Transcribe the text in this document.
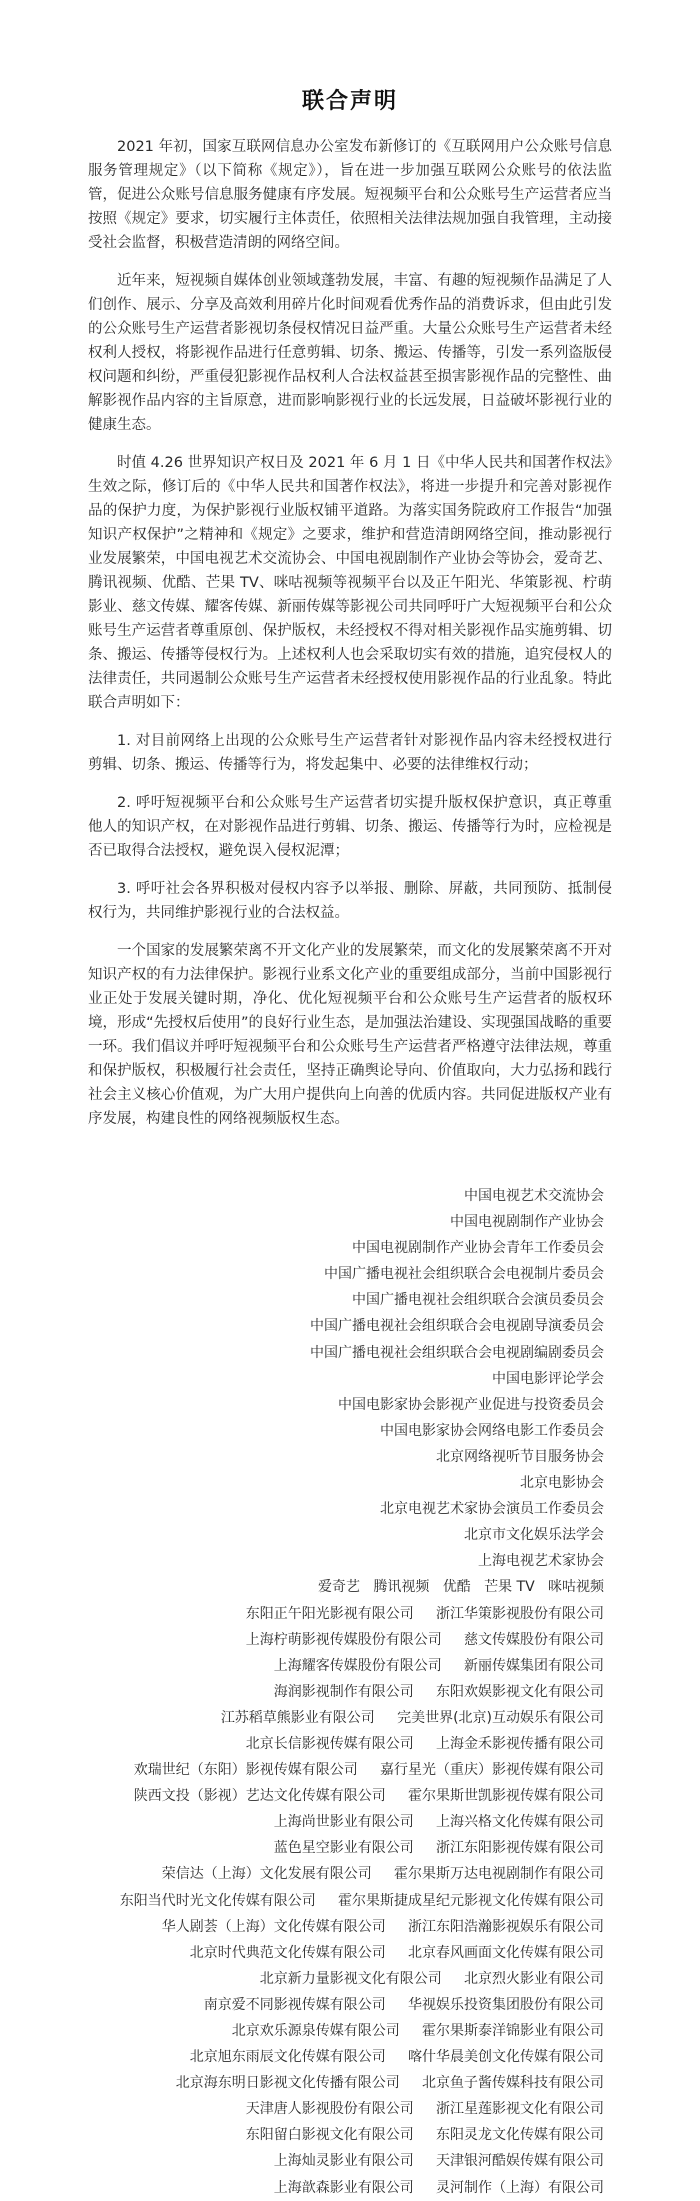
联合声明

2021 年初，国家互联网信息办公室发布新修订的《互联网用户公众账号信息服务管理规定》（以下简称《规定》），旨在进一步加强互联网公众账号的依法监管，促进公众账号信息服务健康有序发展。短视频平台和公众账号生产运营者应当按照《规定》要求，切实履行主体责任，依照相关法律法规加强自我管理，主动接受社会监督，积极营造清朗的网络空间。

近年来，短视频自媒体创业领域蓬勃发展，丰富、有趣的短视频作品满足了人们创作、展示、分享及高效利用碎片化时间观看优秀作品的消费诉求，但由此引发的公众账号生产运营者影视切条侵权情况日益严重。大量公众账号生产运营者未经权利人授权，将影视作品进行任意剪辑、切条、搬运、传播等，引发一系列盗版侵权问题和纠纷，严重侵犯影视作品权利人合法权益甚至损害影视作品的完整性、曲解影视作品内容的主旨原意，进而影响影视行业的长远发展，日益破坏影视行业的健康生态。

时值 4.26 世界知识产权日及 2021 年 6 月 1 日《中华人民共和国著作权法》生效之际，修订后的《中华人民共和国著作权法》，将进一步提升和完善对影视作品的保护力度，为保护影视行业版权铺平道路。为落实国务院政府工作报告“加强知识产权保护”之精神和《规定》之要求，维护和营造清朗网络空间，推动影视行业发展繁荣，中国电视艺术交流协会、中国电视剧制作产业协会等协会，爱奇艺、腾讯视频、优酷、芒果 TV、咪咕视频等视频平台以及正午阳光、华策影视、柠萌影业、慈文传媒、耀客传媒、新丽传媒等影视公司共同呼吁广大短视频平台和公众账号生产运营者尊重原创、保护版权，未经授权不得对相关影视作品实施剪辑、切条、搬运、传播等侵权行为。上述权利人也会采取切实有效的措施，追究侵权人的法律责任，共同遏制公众账号生产运营者未经授权使用影视作品的行业乱象。特此联合声明如下：

1. 对目前网络上出现的公众账号生产运营者针对影视作品内容未经授权进行剪辑、切条、搬运、传播等行为，将发起集中、必要的法律维权行动；

2. 呼吁短视频平台和公众账号生产运营者切实提升版权保护意识，真正尊重他人的知识产权，在对影视作品进行剪辑、切条、搬运、传播等行为时，应检视是否已取得合法授权，避免误入侵权泥潭；

3. 呼吁社会各界积极对侵权内容予以举报、删除、屏蔽，共同预防、抵制侵权行为，共同维护影视行业的合法权益。

一个国家的发展繁荣离不开文化产业的发展繁荣，而文化的发展繁荣离不开对知识产权的有力法律保护。影视行业系文化产业的重要组成部分，当前中国影视行业正处于发展关键时期，净化、优化短视频平台和公众账号生产运营者的版权环境，形成“先授权后使用”的良好行业生态，是加强法治建设、实现强国战略的重要一环。我们倡议并呼吁短视频平台和公众账号生产运营者严格遵守法律法规，尊重和保护版权，积极履行社会责任，坚持正确舆论导向、价值取向，大力弘扬和践行社会主义核心价值观，为广大用户提供向上向善的优质内容。共同促进版权产业有序发展，构建良性的网络视频版权生态。

中国电视艺术交流协会
中国电视剧制作产业协会
中国电视剧制作产业协会青年工作委员会
中国广播电视社会组织联合会电视制片委员会
中国广播电视社会组织联合会演员委员会
中国广播电视社会组织联合会电视剧导演委员会
中国广播电视社会组织联合会电视剧编剧委员会
中国电影评论学会
中国电影家协会影视产业促进与投资委员会
中国电影家协会网络电影工作委员会
北京网络视听节目服务协会
北京电影协会
北京电视艺术家协会演员工作委员会
北京市文化娱乐法学会
上海电视艺术家协会
爱奇艺   腾讯视频   优酷   芒果 TV   咪咕视频
东阳正午阳光影视有限公司     浙江华策影视股份有限公司
上海柠萌影视传媒股份有限公司     慈文传媒股份有限公司
上海耀客传媒股份有限公司     新丽传媒集团有限公司
海润影视制作有限公司     东阳欢娱影视文化有限公司
江苏稻草熊影业有限公司     完美世界(北京)互动娱乐有限公司
北京长信影视传媒有限公司     上海金禾影视传播有限公司
欢瑞世纪（东阳）影视传媒有限公司     嘉行星光（重庆）影视传媒有限公司
陕西文投（影视）艺达文化传媒有限公司     霍尔果斯世凯影视传媒有限公司
上海尚世影业有限公司     上海兴格文化传媒有限公司
蓝色星空影业有限公司     浙江东阳影视传媒有限公司
荣信达（上海）文化发展有限公司     霍尔果斯万达电视剧制作有限公司
东阳当代时光文化传媒有限公司     霍尔果斯捷成星纪元影视文化传媒有限公司
华人剧荟（上海）文化传媒有限公司     浙江东阳浩瀚影视娱乐有限公司
北京时代典范文化传媒有限公司     北京春风画面文化传媒有限公司
北京新力量影视文化有限公司     北京烈火影业有限公司
南京爱不同影视传媒有限公司     华视娱乐投资集团股份有限公司
北京欢乐源泉传媒有限公司     霍尔果斯泰洋锦影业有限公司
北京旭东雨辰文化传媒有限公司     喀什华晨美创文化传媒有限公司
北京海东明日影视文化传播有限公司     北京鱼子酱传媒科技有限公司
天津唐人影视股份有限公司     浙江星莲影视文化有限公司
东阳留白影视文化有限公司     东阳灵龙文化传媒有限公司
上海灿灵影业有限公司     天津银河酷娱传媒有限公司
上海歆森影业有限公司     灵河制作（上海）有限公司
